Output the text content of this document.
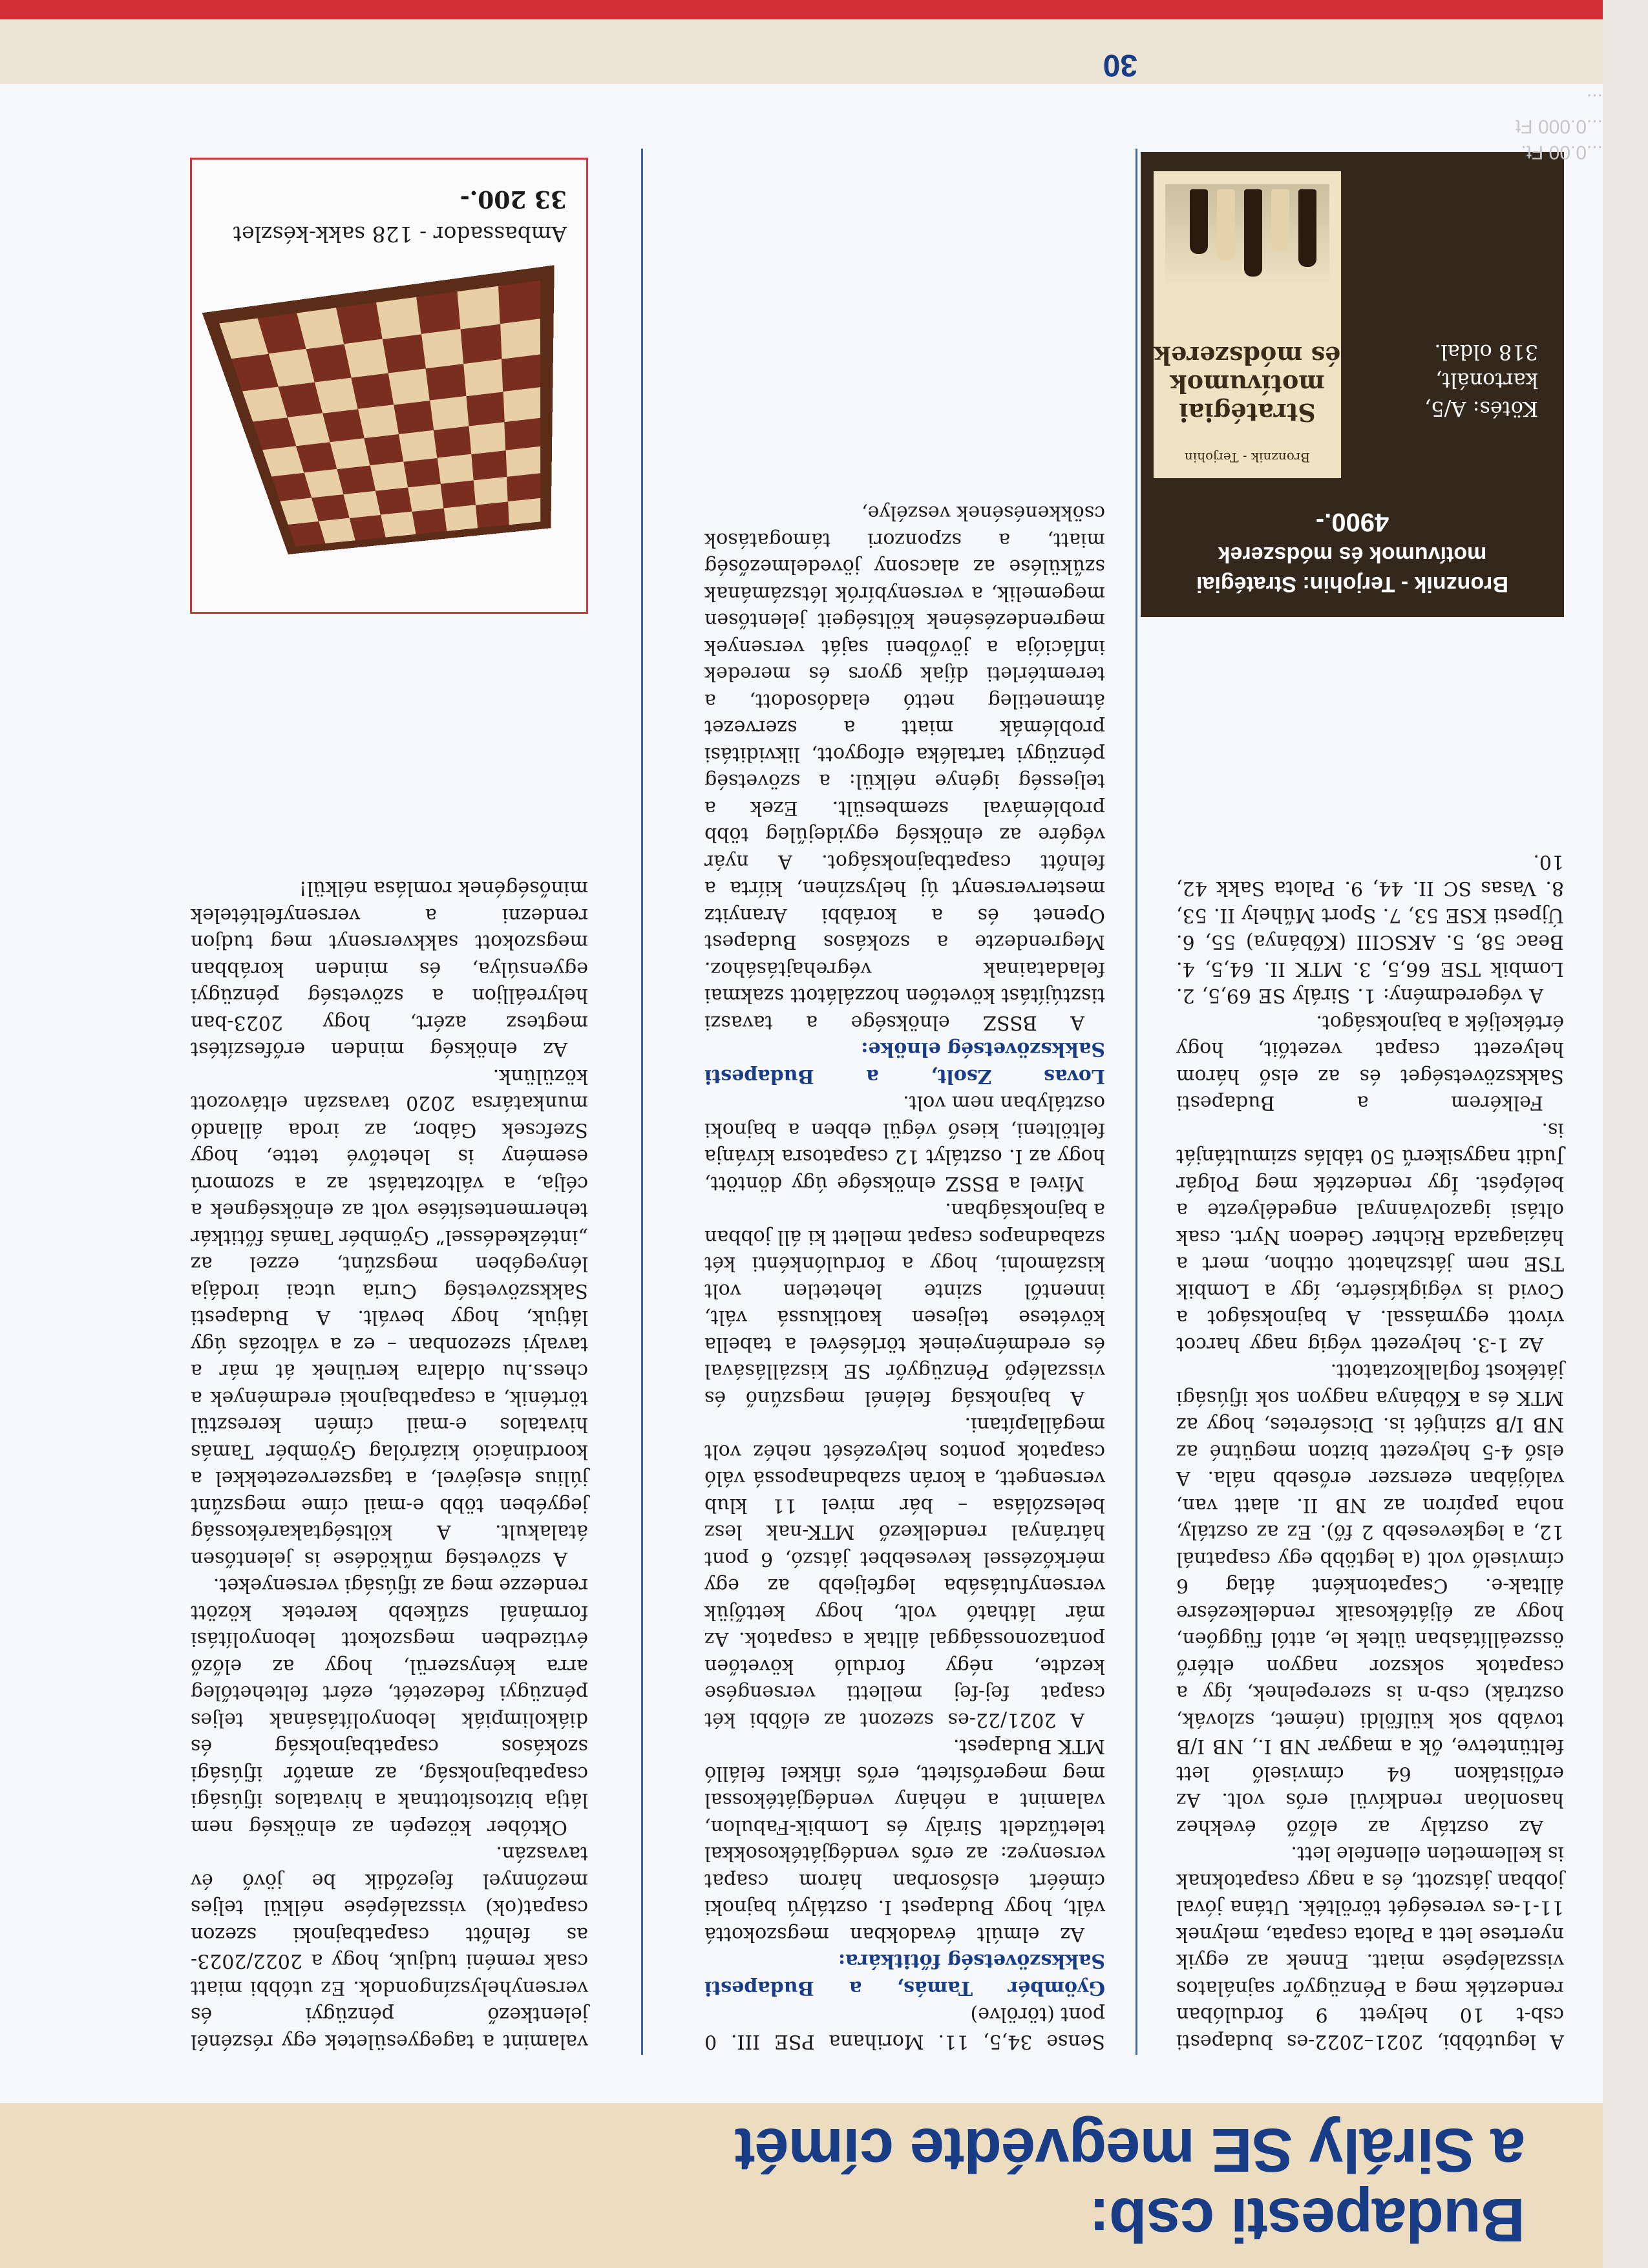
Budapesti csb:
a Sirály SE megvédte címét

A legutóbbi, 2021–2022-es budapesti csb-t 10 helyett 9 fordulóban rendezték meg a Pénzügyőr sajnálatos visszalépése miatt. Ennek az egyik nyertese lett a Palota csapata, melynek 11-1-es vereségét törölték. Utána jóval jobban játszott, és a nagy csapatoknak is kellemetlen ellenfele lett.

Az osztály az előző évekhez hasonlóan rendkívül erős volt. Az erőlistákon 64 címviselő lett feltüntetve, ők a magyar NB I., NB I/B tovább sok külföldi (német, szlovák, osztrák) csb-n is szerepelnek, így a csapatok sokszor nagyon eltérő összeállításban ültek le, attól függően, hogy az éljátékosaik rendelkezésre álltak-e. Csapatonként átlag 6 címviselő volt (a legtöbb egy csapatnál 12, a legkevesebb 2 fő). Ez az osztály, noha papíron az NB II. alatt van, valójában ezerszer erősebb nála. A első 4-5 helyezett bizton megütné az NB I/B szintjét is. Dicséretes, hogy az MTK és a Kőbánya nagyon sok ifjúsági játékost foglalkoztatott.

Az 1-3. helyezett végig nagy harcot vívott egymással. A bajnokságot a Covid is végigkísérte, így a Lombik TSE nem játszhatott otthon, mert a háziagazda Richter Gedeon Nyrt. csak oltási igazolvánnyal engedélyezte a belépést. Így rendezték meg Polgár Judit nagysikerű 50 táblás szimultánját is.

Felkérem a Budapesti Sakkszövetséget és az első három helyezett csapat vezetőit, hogy értékeljék a bajnokságot.

A végeredmény: 1. Sirály SE 69,5, 2. Lombik TSE 66,5, 3. MTK II. 64,5, 4. Beac 58, 5. AKSCIII (Kőbánya) 55, 6. Újpesti KSE 53, 7. Sport Műhely II. 53, 8. Vasas SC II. 44, 9. Palota Sakk 42, 10.

Sense 34,5, 11. Morihana PSE III. 0 pont (törölve)

Gyömbér Tamás, a Budapesti Sakkszövetség főtitkára:

Az elmúlt évadokban megszokottá vált, hogy Budapest I. osztályú bajnoki címéért elsősorban három csapat versenyez: az erős vendégjátékosokkal teletűzdelt Sirály és Lombik-Fabulon, valamint a néhány vendégjátékossal meg megerősített, erős ifikkel felálló MTK Budapest.

A 2021/22-es szezont az előbbi két csapat fej-fej melletti versengése kezdte, négy forduló követően pontazonossággal álltak a csapatok. Az már látható volt, hogy kettőjük versenyfutásába legfeljebb az egy mérkőzéssel kevesebbet játszó, 6 pont hátrányal rendelkező MTK-nak lesz beleszólása – bár mivel 11 klub versengett, a korán szabadnapossá váló csapatok pontos helyezését nehéz volt megállapítani.

A bajnokság felénél megszűnő és visszalépő Pénzügyőr SE kiszállásával és eredményeinek törlésével a tabella kövétese teljesen kaotikussá vált, innentől szinte lehetetlen volt kiszámolni, hogy a fordulónkénti két szabadnapos csapat mellett ki áll jobban a bajnokságban.

Mivel a BSSZ elnöksége úgy döntött, hogy az I. osztályt 12 csapatosra kívánja feltölteni, kieső végül ebben a bajnoki osztályban nem volt.

Lovas Zsolt, a Budapesti Sakkszövetség elnöke:

A BSSZ elnöksége a tavaszi tisztújítást követően hozzálátott szakmai feladatainak végrehajtásához. Megrendezte a szokásos Budapest Openet és a korábbi Aranyitz mesterversenyt új helyszínen, kiírta a felnőtt csapatbajnokságot. A nyár végére az elnökség egyidejűleg több problémával szembesült. Ezek a teljesség igénye nélkül: a szövetség pénzügyi tartaléka elfogyott, likviditási problémák miatt a szervezet átmenetileg nettó eladósodott, a teremtérleti díjak gyors és meredek inflációja a jövőbeni saját versenyek megrendezésének költségeit jelentősen megemelik, a versenybírók létszámának szűkülése az alacsony jövedelmezőség miatt, a szponzori támogatások csökkenésének veszélye,

valamint a tagegyesületek egy részénél jelentkező pénzügyi és versenyhelyszíngondok. Ez utóbbi miatt csak reméni tudjuk, hogy a 2022/2023-as felnőtt csapatbajnoki szezon csapat(ok) visszalépése nélkül teljes mezőnnyel fejeződik be jövő év tavaszán.

Október közepén az elnökség nem látja biztosítottnak a hivatalos ifjúsági csapatbajnokság, az amatőr ifjúsági szokásos csapatbajnokság és diákolimpiák lebonyolításának teljes pénzügyi fedezetét, ezért feltehetőleg arra kényszerül, hogy az előző évtizedben megszokott lebonyolítási formánál szűkebb keretek között rendezze meg az ifjúsági versenyeket.

A szövetség működése is jelentősen átalakult. A költségtakarékosság jegyében több e-mail címe megszűnt július elsejével, a tagszervezetekkel a koordináció kizárólag Gyömbér Tamás hivatalos e-mail címén keresztül történik, a csapatbajnoki eredmények a chess.hu oldalra kerülnek át már a tavalyi szezonban – ez a változás úgy látjuk, hogy bevált. A Budapesti Sakkszövetség Curia utcai irodája lényegében megszűnt, ezzel az „intézkedéssel” Gyömbér Tamás főtitkár tehermentesítése volt az elnökségnek a célja, a változtatást az a szomorú esemény is lehetővé tette, hogy Szefcsek Gábor, az iroda állandó munkatársa 2020 tavaszán eltávozott közülünk.

Az elnökség minden erőfeszítést megtesz azért, hogy 2023-ban helyreálljon a szövetség pénzügyi egyensúlya, és minden korábban megszokott sakkversenyt meg tudjon rendezni a versenyfeltételek minőségének romlása nélkül!

Bronznik - Terjohin: Stratégiai motívumok és módszerek
4900.-
Bronznik - Terjohin
Stratégiai motívumok és módszerek
Kötés: A/5,
kartonált,
318 oldal.
Ambassador - 128 sakk-készlet
33 200.-
...0.00 Ft.
...0.000 Ft
...
30
